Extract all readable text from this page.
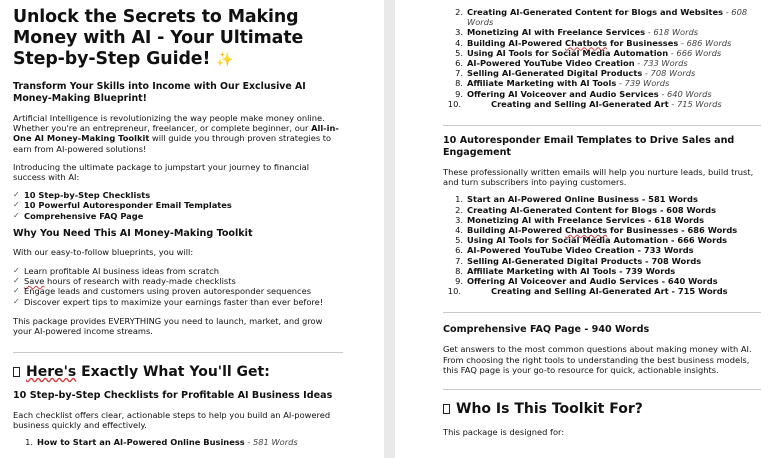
Unlock the Secrets to Making Money with AI - Your Ultimate Step-by-Step Guide! ✨
Transform Your Skills into Income with Our Exclusive AI Money-Making Blueprint!

Artificial Intelligence is revolutionizing the way people make money online. Whether you're an entrepreneur, freelancer, or complete beginner, our All-in-One AI Money-Making Toolkit will guide you through proven strategies to earn from AI-powered solutions!

Introducing the ultimate package to jumpstart your journey to financial success with AI:

✓ 10 Step-by-Step Checklists
✓ 10 Powerful Autoresponder Email Templates
✓ Comprehensive FAQ Page
Why You Need This AI Money-Making Toolkit

With our easy-to-follow blueprints, you will:

✓ Learn profitable AI business ideas from scratch
✓ Save hours of research with ready-made checklists
✓ Engage leads and customers using proven autoresponder sequences
✓ Discover expert tips to maximize your earnings faster than ever before!

This package provides EVERYTHING you need to launch, market, and grow your AI-powered income streams.

Here's Exactly What You'll Get:
10 Step-by-Step Checklists for Profitable AI Business Ideas

Each checklist offers clear, actionable steps to help you build an AI-powered business quickly and effectively.

1. How to Start an AI-Powered Online Business - 581 Words
2. Creating AI-Generated Content for Blogs and Websites - 608
Words
3. Monetizing AI with Freelance Services - 618 Words
4. Building AI-Powered Chatbots for Businesses - 686 Words
5. Using AI Tools for Social Media Automation - 666 Words
6. AI-Powered YouTube Video Creation - 733 Words
7. Selling AI-Generated Digital Products - 708 Words
8. Affiliate Marketing with AI Tools - 739 Words
9. Offering AI Voiceover and Audio Services - 640 Words
10.	Creating and Selling AI-Generated Art - 715 Words
10 Autoresponder Email Templates to Drive Sales and Engagement

These professionally written emails will help you nurture leads, build trust, and turn subscribers into paying customers.

1. Start an AI-Powered Online Business - 581 Words
2. Creating AI-Generated Content for Blogs - 608 Words
3. Monetizing AI with Freelance Services - 618 Words
4. Building AI-Powered Chatbots for Businesses - 686 Words
5. Using AI Tools for Social Media Automation - 666 Words
6. AI-Powered YouTube Video Creation - 733 Words
7. Selling AI-Generated Digital Products - 708 Words
8. Affiliate Marketing with AI Tools - 739 Words
9. Offering AI Voiceover and Audio Services - 640 Words
10.	Creating and Selling AI-Generated Art - 715 Words
Comprehensive FAQ Page - 940 Words

Get answers to the most common questions about making money with AI. From choosing the right tools to understanding the best business models, this FAQ page is your go-to resource for quick, actionable insights.

Who Is This Toolkit For?

This package is designed for:
